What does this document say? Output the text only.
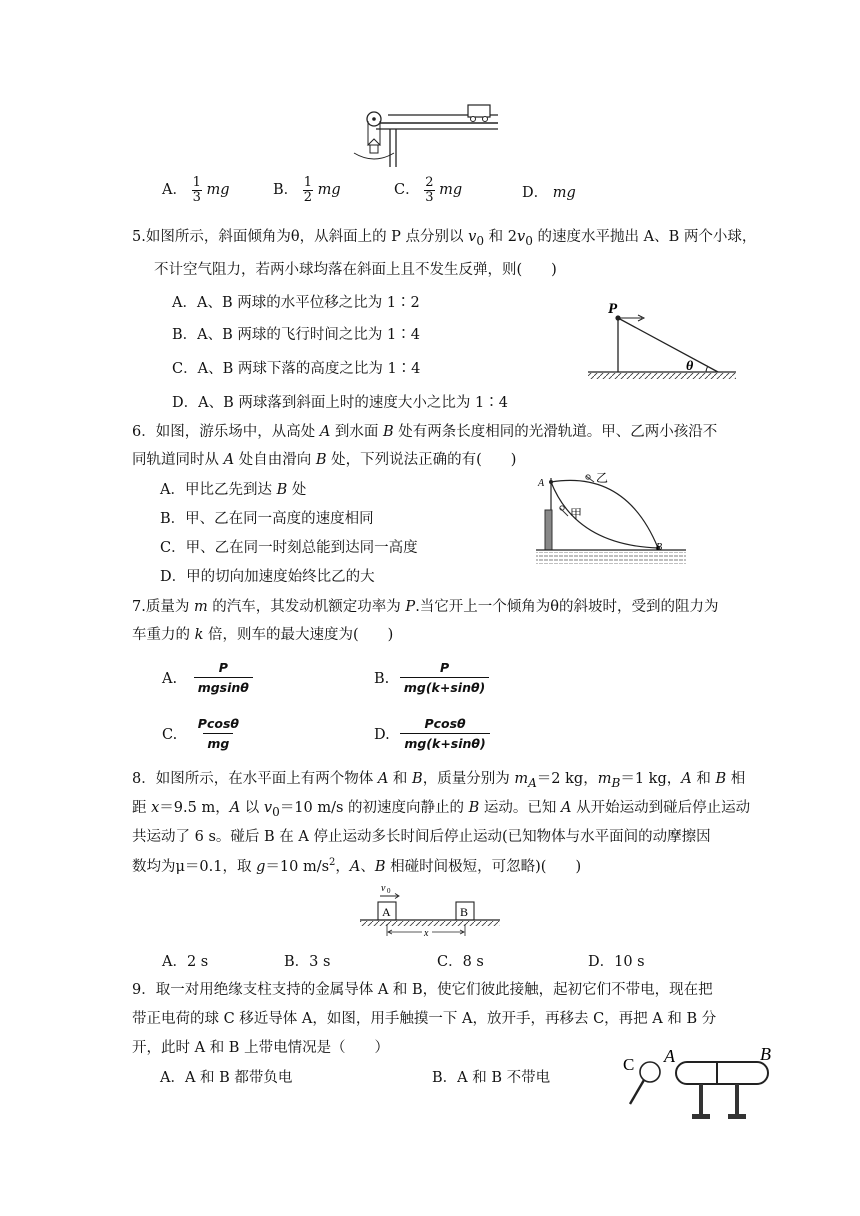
A． $\frac{1}{3}$ mg	B． $\frac{1}{2}$ mg	C． $\frac{2}{3}$ mg	D． mg
5.如图所示，斜面倾角为θ，从斜面上的 P 点分别以 $v_0$ 和 $2v_0$ 的速度水平抛出 A、B 两个小球，
不计空气阻力，若两小球均落在斜面上且不发生反弹，则(　　)
A．A、B 两球的水平位移之比为 1∶2
B．A、B 两球的飞行时间之比为 1∶4
C．A、B 两球下落的高度之比为 1∶4
D．A、B 两球落到斜面上时的速度大小之比为 1∶4
P
θ
6．如图，游乐场中，从高处 A 到水面 B 处有两条长度相同的光滑轨道。甲、乙两小孩沿不
同轨道同时从 A 处自由滑向 B 处，下列说法正确的有(　　)
A．甲比乙先到达 B 处
B．甲、乙在同一高度的速度相同
C．甲、乙在同一时刻总能到达同一高度
D．甲的切向加速度始终比乙的大
A
B
乙
甲
7.质量为 m 的汽车，其发动机额定功率为 P.当它开上一个倾角为θ的斜坡时，受到的阻力为
车重力的 k 倍，则车的最大速度为(　　)
A. $\frac{P}{mgsin\theta}$	B. $\frac{P}{mg(k+\sin\theta)}$
C. $\frac{Pcos\theta}{mg}$	D. $\frac{Pcos\theta}{mg(k+\sin\theta)}$
8．如图所示，在水平面上有两个物体 A 和 B，质量分别为 $m_A=2$ kg，$m_B=1$ kg，A 和 B 相
距 x＝9.5 m，A 以 $v_0=10$ m/s 的初速度向静止的 B 运动。已知 A 从开始运动到碰后停止运动
共运动了 6 s。碰后 B 在 A 停止运动多长时间后停止运动(已知物体与水平面间的动摩擦因
数均为μ＝0.1，取 g＝10 $m/s^2$，A、B 相碰时间极短，可忽略)(　　)
v 0
A	B
x
A．2 s	B．3 s	C．8 s	D．10 s
9．取一对用绝缘支柱支持的金属导体 A 和 B，使它们彼此接触，起初它们不带电，现在把
带正电荷的球 C 移近导体 A，如图，用手触摸一下 A，放开手，再移去 C，再把 A 和 B 分
开，此时 A 和 B 上带电情况是（　　）
A．A 和 B 都带负电	B．A 和 B 不带电
C A	B
